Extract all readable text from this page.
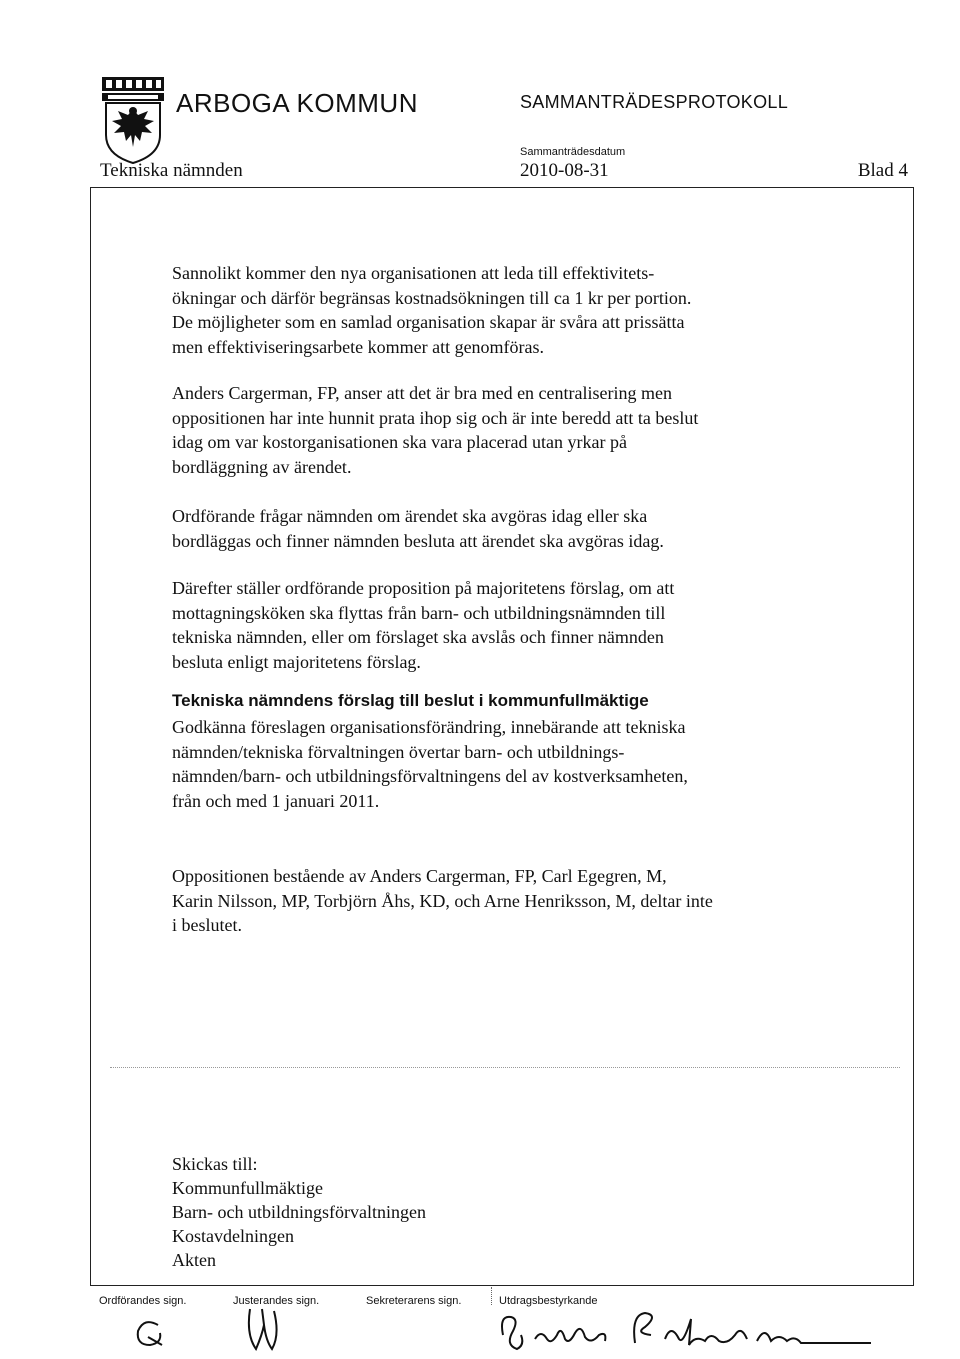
ARBOGA KOMMUN	SAMMANTRÄDESPROTOKOLL
Sammanträdesdatum
Tekniska nämnden	2010-08-31	Blad 4
Sannolikt kommer den nya organisationen att leda till effektivitets-
ökningar och därför begränsas kostnadsökningen till ca 1 kr per portion.
De möjligheter som en samlad organisation skapar är svåra att prissätta
men effektiviseringsarbete kommer att genomföras.
Anders Cargerman, FP, anser att det är bra med en centralisering men
oppositionen har inte hunnit prata ihop sig och är inte beredd att ta beslut
idag om var kostorganisationen ska vara placerad utan yrkar på
bordläggning av ärendet.
Ordförande frågar nämnden om ärendet ska avgöras idag eller ska
bordläggas och finner nämnden besluta att ärendet ska avgöras idag.
Därefter ställer ordförande proposition på majoritetens förslag, om att
mottagningsköken ska flyttas från barn- och utbildningsnämnden till
tekniska nämnden, eller om förslaget ska avslås och finner nämnden
besluta enligt majoritetens förslag.
Tekniska nämndens förslag till beslut i kommunfullmäktige
Godkänna föreslagen organisationsförändring, innebärande att tekniska
nämnden/tekniska förvaltningen övertar barn- och utbildnings-
nämnden/barn- och utbildningsförvaltningens del av kostverksamheten,
från och med 1 januari 2011.
Oppositionen bestående av Anders Cargerman, FP, Carl Egegren, M,
Karin Nilsson, MP, Torbjörn Åhs, KD, och Arne Henriksson, M, deltar inte
i beslutet.
Skickas till:
Kommunfullmäktige
Barn- och utbildningsförvaltningen
Kostavdelningen
Akten
Ordförandes sign.	Justerandes sign.	Sekreterarens sign.	Utdragsbestyrkande
